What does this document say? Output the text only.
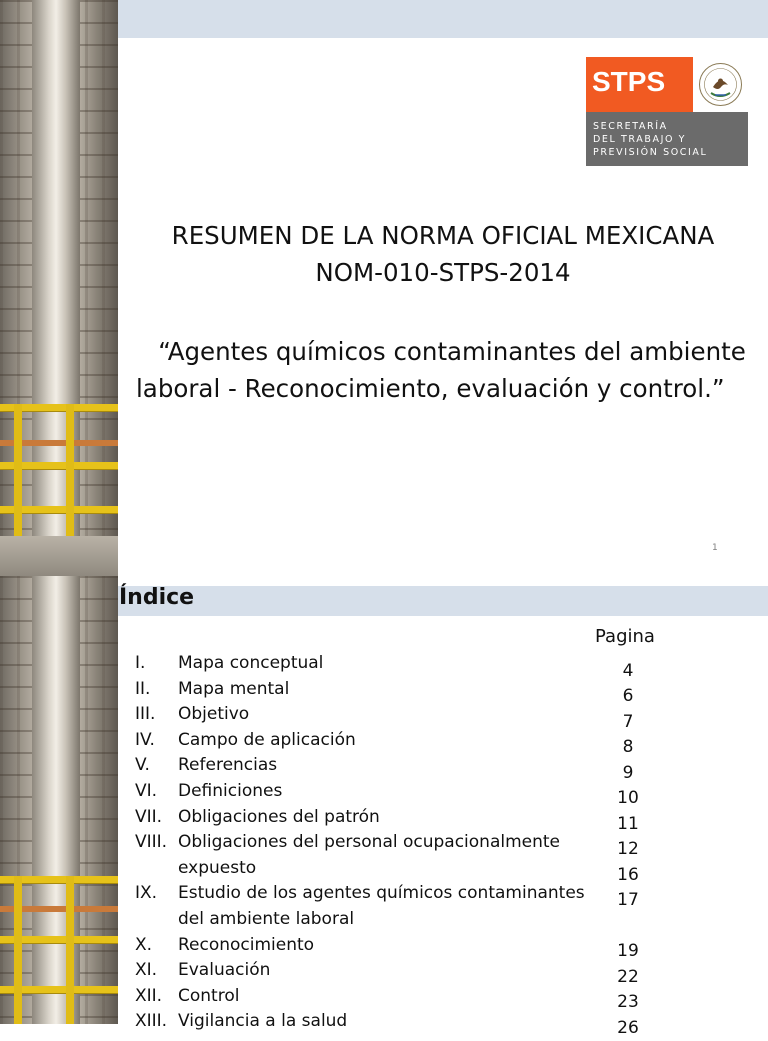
STPS
SECRETARÍA
DEL TRABAJO Y
PREVISIÓN SOCIAL
RESUMEN DE LA NORMA OFICIAL MEXICANA
NOM-010-STPS-2014
“Agentes químicos contaminantes del ambiente
laboral - Reconocimiento, evaluación y control.”
1
Índice
Pagina
I. Mapa conceptual
II. Mapa mental
III. Objetivo
IV. Campo de aplicación
V. Referencias
VI. Definiciones
VII. Obligaciones del patrón
VIII. Obligaciones del personal ocupacionalmente
expuesto
IX. Estudio de los agentes químicos contaminantes
del ambiente laboral
X. Reconocimiento
XI. Evaluación
XII. Control
XIII. Vigilancia a la salud
4
6
7
8
9
10
11
12
16
17
19
22
23
26
